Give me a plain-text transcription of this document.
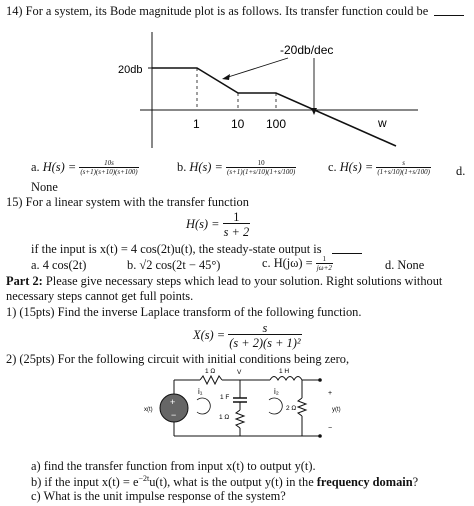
14) For a system, its Bode magnitude plot is as follows. Its transfer function could be
20db
1	10 100	w
-20db/dec
a. $H(s) = \frac{10s}{(s+1)(s+10)(s+100)}$	b. $H(s) = \frac{10}{(s+1)(1+s/10)(1+s/100)}$	c. $H(s) = \frac{s}{(1+s/10)(1+s/100)} d$.
None
15) For a linear system with the transfer function
$H(s) = \frac{1}{s + 2}$
if the input is x(t) = 4 cos(2t)u(t), the steady-state output is
a. 4 cos(2t)	b. √2 cos(2t − 45°)	c. $H(j\omega) = \frac{1}{j\omega+2}$	d. None
Part 2: Please give necessary steps which lead to your solution. Right solutions without
necessary steps cannot get full points.
1) (15pts) Find the inverse Laplace transform of the following function.
$X(s) = \frac{s}{\text{(s + 2)(s + 1)²}}$
2) (25pts) For the following circuit with initial conditions being zero,
+
−
1 Ω	V	1 H
i₁
1 F
i₂
2 Ω
1 Ω
x(t)	y(t)
+
−
a) find the transfer function from input x(t) to output y(t).
b) if the input $x(t) = e^{-2t}u(t)$, what is the output y(t) in the frequency domain?
c) What is the unit impulse response of the system?
